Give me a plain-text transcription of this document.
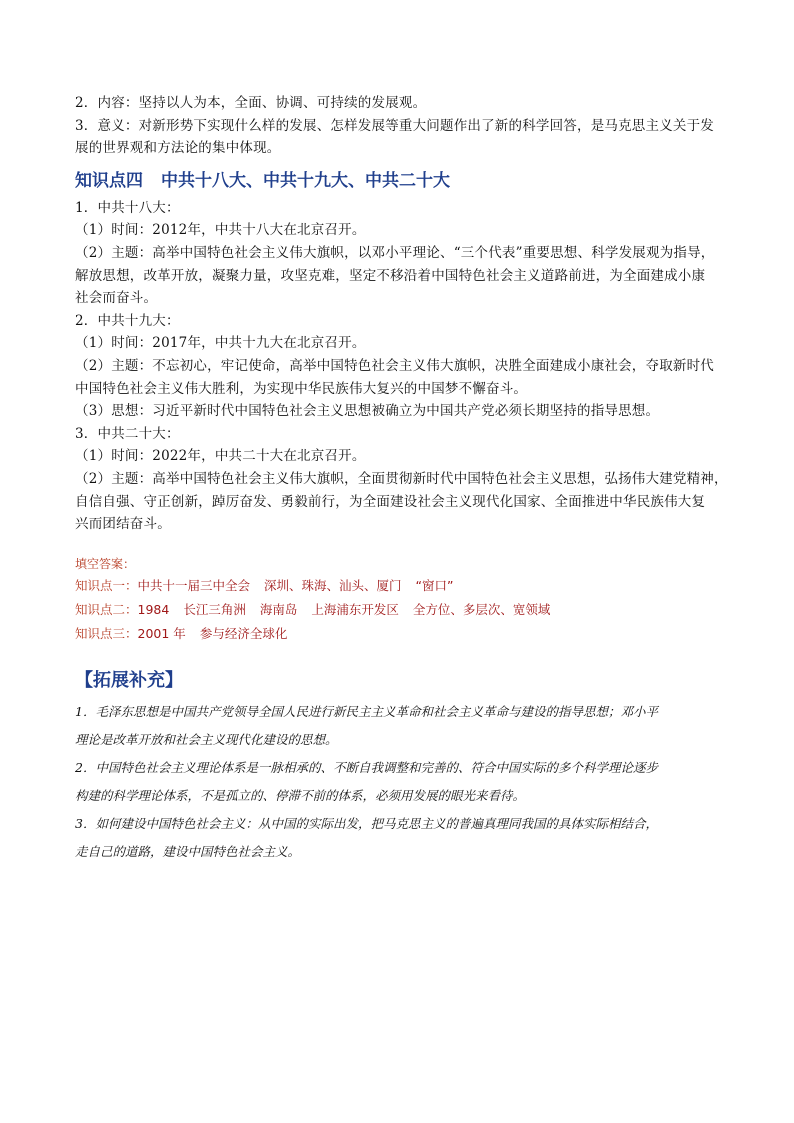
2．内容：坚持以人为本，全面、协调、可持续的发展观。
3．意义：对新形势下实现什么样的发展、怎样发展等重大问题作出了新的科学回答，是马克思主义关于发
展的世界观和方法论的集中体现。
知识点四 中共十八大、中共十九大、中共二十大
1．中共十八大：
（1）时间：2012年，中共十八大在北京召开。
（2）主题：高举中国特色社会主义伟大旗帜，以邓小平理论、“三个代表”重要思想、科学发展观为指导，
解放思想，改革开放，凝聚力量，攻坚克难，坚定不移沿着中国特色社会主义道路前进，为全面建成小康
社会而奋斗。
2．中共十九大：
（1）时间：2017年，中共十九大在北京召开。
（2）主题：不忘初心，牢记使命，高举中国特色社会主义伟大旗帜，决胜全面建成小康社会，夺取新时代
中国特色社会主义伟大胜利，为实现中华民族伟大复兴的中国梦不懈奋斗。
（3）思想：习近平新时代中国特色社会主义思想被确立为中国共产党必须长期坚持的指导思想。
3．中共二十大：
（1）时间：2022年，中共二十大在北京召开。
（2）主题：高举中国特色社会主义伟大旗帜，全面贯彻新时代中国特色社会主义思想，弘扬伟大建党精神，
自信自强、守正创新，踔厉奋发、勇毅前行，为全面建设社会主义现代化国家、全面推进中华民族伟大复
兴而团结奋斗。
填空答案：
知识点一：中共十一届三中全会 深圳、珠海、汕头、厦门 “窗口”
知识点二：1984 长江三角洲 海南岛 上海浦东开发区 全方位、多层次、宽领域
知识点三：2001 年 参与经济全球化
【拓展补充】
1．毛泽东思想是中国共产党领导全国人民进行新民主主义革命和社会主义革命与建设的指导思想；邓小平
理论是改革开放和社会主义现代化建设的思想。
2．中国特色社会主义理论体系是一脉相承的、不断自我调整和完善的、符合中国实际的多个科学理论逐步
构建的科学理论体系，不是孤立的、停滞不前的体系，必须用发展的眼光来看待。
3．如何建设中国特色社会主义：从中国的实际出发，把马克思主义的普遍真理同我国的具体实际相结合，
走自己的道路，建设中国特色社会主义。
